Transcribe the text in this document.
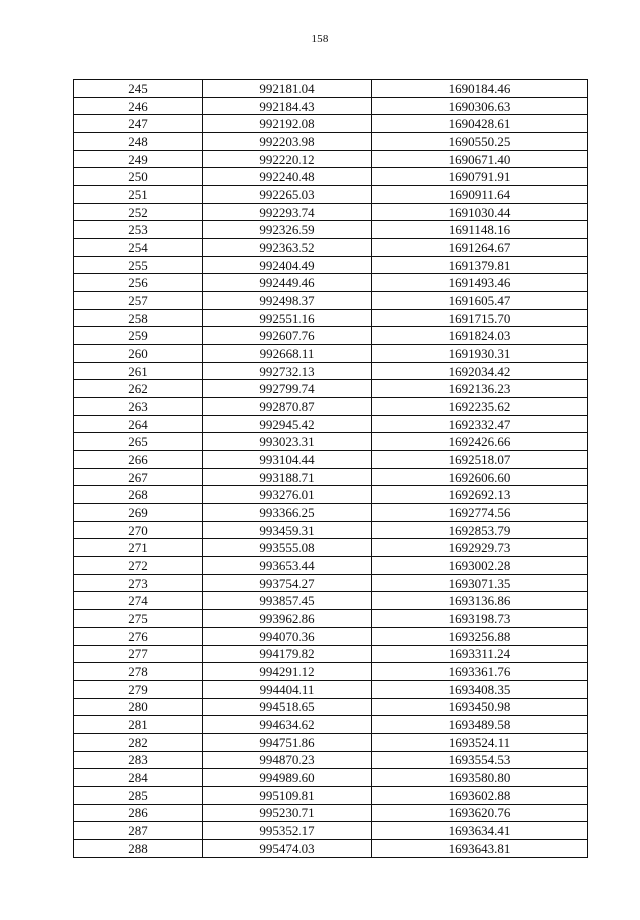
158
245	992181.04	1690184.46
246	992184.43	1690306.63
247	992192.08	1690428.61
248	992203.98	1690550.25
249	992220.12	1690671.40
250	992240.48	1690791.91
251	992265.03	1690911.64
252	992293.74	1691030.44
253	992326.59	1691148.16
254	992363.52	1691264.67
255	992404.49	1691379.81
256	992449.46	1691493.46
257	992498.37	1691605.47
258	992551.16	1691715.70
259	992607.76	1691824.03
260	992668.11	1691930.31
261	992732.13	1692034.42
262	992799.74	1692136.23
263	992870.87	1692235.62
264	992945.42	1692332.47
265	993023.31	1692426.66
266	993104.44	1692518.07
267	993188.71	1692606.60
268	993276.01	1692692.13
269	993366.25	1692774.56
270	993459.31	1692853.79
271	993555.08	1692929.73
272	993653.44	1693002.28
273	993754.27	1693071.35
274	993857.45	1693136.86
275	993962.86	1693198.73
276	994070.36	1693256.88
277	994179.82	1693311.24
278	994291.12	1693361.76
279	994404.11	1693408.35
280	994518.65	1693450.98
281	994634.62	1693489.58
282	994751.86	1693524.11
283	994870.23	1693554.53
284	994989.60	1693580.80
285	995109.81	1693602.88
286	995230.71	1693620.76
287	995352.17	1693634.41
288	995474.03	1693643.81
